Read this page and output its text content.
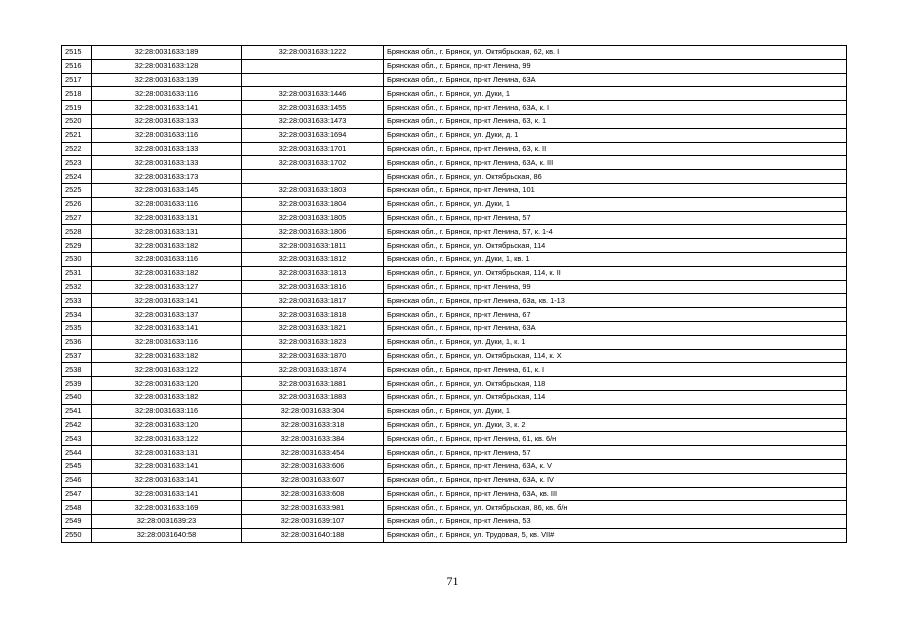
2515	32:28:0031633:189	32:28:0031633:1222	Брянская обл., г. Брянск, ул. Октябрьская, 62, кв. I
2516	32:28:0031633:128		Брянская обл., г. Брянск, пр-кт Ленина, 99
2517	32:28:0031633:139		Брянская обл., г. Брянск, пр-кт Ленина, 63А
2518	32:28:0031633:116	32:28:0031633:1446	Брянская обл., г. Брянск, ул. Дуки, 1
2519	32:28:0031633:141	32:28:0031633:1455	Брянская обл., г. Брянск, пр-кт Ленина, 63А, к. I
2520	32:28:0031633:133	32:28:0031633:1473	Брянская обл., г. Брянск, пр-кт Ленина, 63, к. 1
2521	32:28:0031633:116	32:28:0031633:1694	Брянская обл., г. Брянск, ул. Дуки, д. 1
2522	32:28:0031633:133	32:28:0031633:1701	Брянская обл., г. Брянск, пр-кт Ленина, 63, к. II
2523	32:28:0031633:133	32:28:0031633:1702	Брянская обл., г. Брянск, пр-кт Ленина, 63А, к. III
2524	32:28:0031633:173		Брянская обл., г. Брянск, ул. Октябрьская, 86
2525	32:28:0031633:145	32:28:0031633:1803	Брянская обл., г. Брянск, пр-кт Ленина, 101
2526	32:28:0031633:116	32:28:0031633:1804	Брянская обл., г. Брянск, ул. Дуки, 1
2527	32:28:0031633:131	32:28:0031633:1805	Брянская обл., г. Брянск, пр-кт Ленина, 57
2528	32:28:0031633:131	32:28:0031633:1806	Брянская обл., г. Брянск, пр-кт Ленина, 57, к. 1-4
2529	32:28:0031633:182	32:28:0031633:1811	Брянская обл., г. Брянск, ул. Октябрьская, 114
2530	32:28:0031633:116	32:28:0031633:1812	Брянская обл., г. Брянск, ул. Дуки, 1, кв. 1
2531	32:28:0031633:182	32:28:0031633:1813	Брянская обл., г. Брянск, ул. Октябрьская, 114, к. II
2532	32:28:0031633:127	32:28:0031633:1816	Брянская обл., г. Брянск, пр-кт Ленина, 99
2533	32:28:0031633:141	32:28:0031633:1817	Брянская обл., г. Брянск, пр-кт Ленина, 63а, кв. 1-13
2534	32:28:0031633:137	32:28:0031633:1818	Брянская обл., г. Брянск, пр-кт Ленина, 67
2535	32:28:0031633:141	32:28:0031633:1821	Брянская обл., г. Брянск, пр-кт Ленина, 63А
2536	32:28:0031633:116	32:28:0031633:1823	Брянская обл., г. Брянск, ул. Дуки, 1, к. 1
2537	32:28:0031633:182	32:28:0031633:1870	Брянская обл., г. Брянск, ул. Октябрьская, 114, к. X
2538	32:28:0031633:122	32:28:0031633:1874	Брянская обл., г. Брянск, пр-кт Ленина, 61, к. I
2539	32:28:0031633:120	32:28:0031633:1881	Брянская обл., г. Брянск, ул. Октябрьская, 118
2540	32:28:0031633:182	32:28:0031633:1883	Брянская обл., г. Брянск, ул. Октябрьская, 114
2541	32:28:0031633:116	32:28:0031633:304	Брянская обл., г. Брянск, ул. Дуки, 1
2542	32:28:0031633:120	32:28:0031633:318	Брянская обл., г. Брянск, ул. Дуки, 3, к. 2
2543	32:28:0031633:122	32:28:0031633:384	Брянская обл., г. Брянск, пр-кт Ленина, 61, кв. 6/н
2544	32:28:0031633:131	32:28:0031633:454	Брянская обл., г. Брянск, пр-кт Ленина, 57
2545	32:28:0031633:141	32:28:0031633:606	Брянская обл., г. Брянск, пр-кт Ленина, 63А, к. V
2546	32:28:0031633:141	32:28:0031633:607	Брянская обл., г. Брянск, пр-кт Ленина, 63А, к. IV
2547	32:28:0031633:141	32:28:0031633:608	Брянская обл., г. Брянск, пр-кт Ленина, 63А, кв. III
2548	32:28:0031633:169	32:28:0031633:981	Брянская обл., г. Брянск, ул. Октябрьская, 86, кв. б/н
2549	32:28:0031639:23	32:28:0031639:107	Брянская обл., г. Брянск, пр-кт Ленина, 53
2550	32:28:0031640:58	32:28:0031640:188	Брянская обл., г. Брянск, ул. Трудовая, 5, кв. VII#
71
